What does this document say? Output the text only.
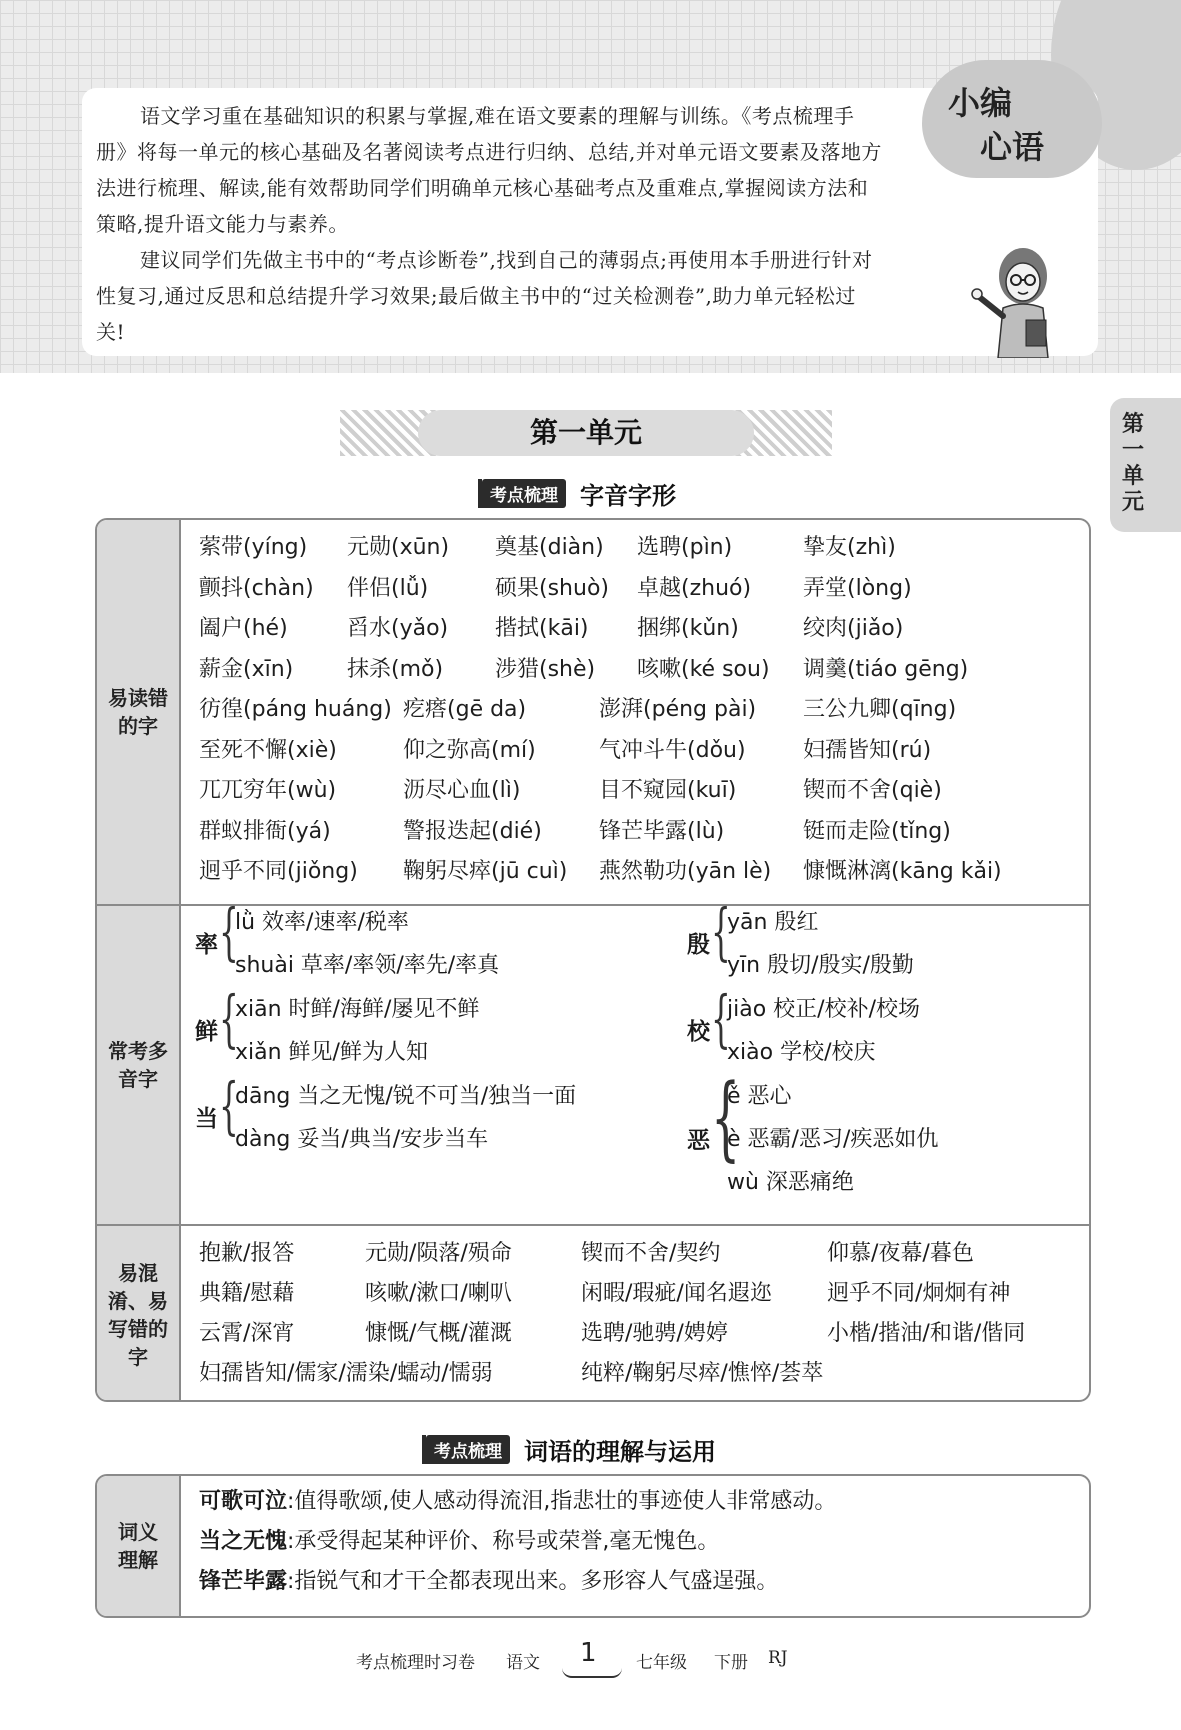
小编
心语

语文学习重在基础知识的积累与掌握,难在语文要素的理解与训练。《考点梳理手册》将每一单元的核心基础及名著阅读考点进行归纳、总结,并对单元语文要素及落地方法进行梳理、解读,能有效帮助同学们明确单元核心基础考点及重难点,掌握阅读方法和策略,提升语文能力与素养。

建议同学们先做主书中的“考点诊断卷”,找到自己的薄弱点;再使用本手册进行针对性复习,通过反思和总结提升学习效果;最后做主书中的“过关检测卷”,助力单元轻松过关!

第一单元
第一单元
考点梳理 字音字形
易读错的字
萦带(yíng) 元勋(xūn) 奠基(diàn) 选聘(pìn)	挚友(zhì)
颤抖(chàn) 伴侣(lǚ)	硕果(shuò) 卓越(zhuó) 弄堂(lòng)
阖户(hé)	舀水(yǎo) 揩拭(kāi) 捆绑(kǔn)	绞肉(jiǎo)
薪金(xīn) 抹杀(mǒ) 涉猎(shè) 咳嗽(ké sou) 调羹(tiáo gēng)
彷徨(páng huáng) 疙瘩(gē da)	澎湃(péng pài) 三公九卿(qīng)
至死不懈(xiè)	仰之弥高(mí)	气冲斗牛(dǒu)	妇孺皆知(rú)
兀兀穷年(wù)	沥尽心血(lì)	目不窥园(kuī)	锲而不舍(qiè)
群蚁排衙(yá)	警报迭起(dié)	锋芒毕露(lù)	铤而走险(tǐng)
迥乎不同(jiǒng) 鞠躬尽瘁(jū cuì) 燕然勒功(yān lè) 慷慨淋漓(kāng kǎi)
常考多音字
率 {
lǜ 效率/速率/税率
shuài 草率/率领/率先/率真
殷 {
yān 殷红
yīn 殷切/殷实/殷勤
鲜 {
xiān 时鲜/海鲜/屡见不鲜
xiǎn 鲜见/鲜为人知
校 {
jiào 校正/校补/校场
xiào 学校/校庆
当 {
dāng 当之无愧/锐不可当/独当一面
dàng 妥当/典当/安步当车	恶 {
ě 恶心
è 恶霸/恶习/疾恶如仇
wù 深恶痛绝
易混淆、易写错的字
抱歉/报答	元勋/陨落/殒命	锲而不舍/契约	仰慕/夜幕/暮色
典籍/慰藉	咳嗽/漱口/喇叭	闲暇/瑕疵/闻名遐迩	迥乎不同/炯炯有神
云霄/深宵	慷慨/气概/灌溉	选聘/驰骋/娉婷	小楷/揩油/和谐/偕同
妇孺皆知/儒家/濡染/蠕动/懦弱	纯粹/鞠躬尽瘁/憔悴/荟萃
考点梳理 词语的理解与运用
词义理解
可歌可泣:值得歌颂,使人感动得流泪,指悲壮的事迹使人非常感动。
当之无愧:承受得起某种评价、称号或荣誉,毫无愧色。
锋芒毕露:指锐气和才干全都表现出来。多形容人气盛逞强。
考点梳理时习卷 语文 1 七年级 下册 RJ
